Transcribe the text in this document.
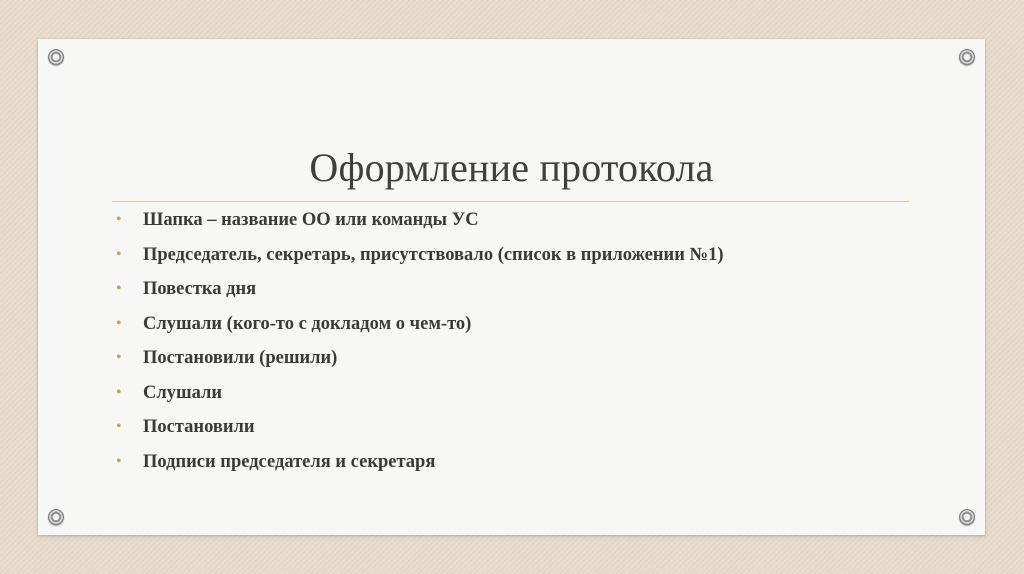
Оформление протокола
• Шапка – название ОО или команды УС
• Председатель, секретарь, присутствовало (список в приложении №1)
• Повестка дня
• Слушали (кого-то с докладом о чем-то)
• Постановили (решили)
• Слушали
• Постановили
• Подписи председателя и секретаря
